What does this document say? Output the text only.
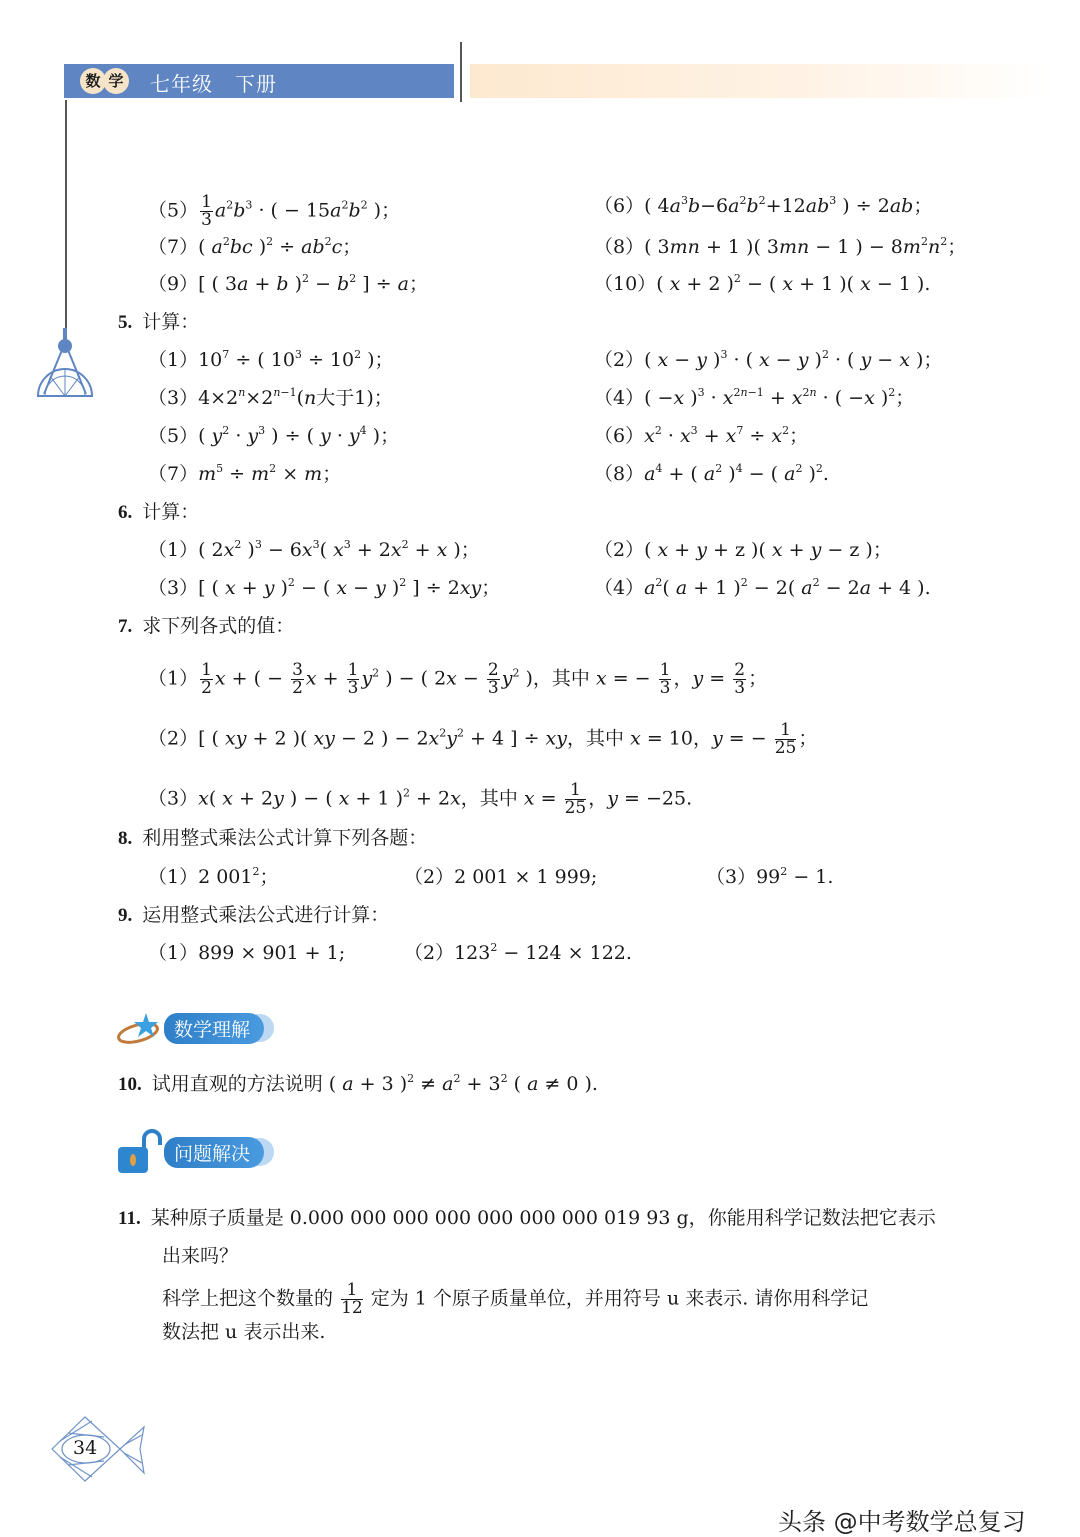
数 学 七年级 下册
$(5) \frac{1}{3} a^2b^3$ · ( − $15a^2b^2$ )；	（6）( $4a^3b-6a^2b^2+12ab^3$ ) ÷ 2ab；
（7）( $a^2bc$ )$^2 \div ab^2c$；	（8）( 3mn + 1 )( 3mn − 1 ) − $8m^2n^2$；
（9）[ ( 3a + b )$^2 - b^2$ ] ÷ a；	（10）( x + 2 )$^2$ − ( x + 1 )( x − 1 ).
5. 计算：
$(1)10^7$ ÷ ( $10^3 \div 10^2$ )；	（2）( x − y )$^3$ · ( x − y )$^2$ · ( y − x )；
$(3)4\times 2^n\times 2^{n-1}(n$大于1)；	（4）( −x )$^3 \cdot x^{2n-1} + x^{2n}$ · ( −x )$^2$；
（5）( $y^2 \cdot y^3$ ) ÷ ( $y \cdot y^4$ )；	$(6)x^2 \cdot x^3 + x^7 \div x^2$；
$(7)m^5 \div m^2 \times m$；	$(8)a^4$ + ( $a^2$ )$^4$ − ( $a^2$ )$^2$.
6. 计算：
（1）( $2x^2$ )$^3 - 6x^3$( $x^3 + 2x^2 + x$ )；	（2）( x + y + z )( x + y − z )；
（3）[ ( x + y )$^2$ − ( x − y )$^2$ ] ÷ 2xy；	$(4)a^2$( a + 1 )$^2$ − 2( $a^2 - 2a + 4$ ).
7. 求下列各式的值：
$(1) \frac{1}{2}$ x + ( − $\frac{3}{2}$ $x + \frac{1}{3} y^2$ ) − ( $2x - \frac{2}{3} y^2$ )，其中 x = − $\frac{1}{3}$ ，$y = \frac{2}{3}$ ；
（2）[ ( xy + 2 )( xy − 2 ) − $2x^2y^2 + 4$ ] ÷ xy，其中 x = 10，y = − $\frac{1}{25}$ ；
（3）x( x + 2y ) − ( x + 1 )$^2$ + 2x，其中 $x = \frac{1}{25}$ ，y = −25.
8. 利用整式乘法公式计算下列各题：
（1）2 $001^2$；	（2）2 001 × 1 999;	$(3)99^2 - 1$.
9. 运用整式乘法公式进行计算：
（1）899 × 901 + 1;	$(2)123^2 - 124 \times 122$.
数学理解
10. 试用直观的方法说明 ( a + 3 )$^2 \ne a^2 + 3^2$ ( a ≠ 0 ).
问题解决
11. 某种原子质量是 0.000 000 000 000 000 000 000 019 93 g，你能用科学记数法把它表示
出来吗？
科学上把这个数量的 $\frac{1}{12}$ 定为 1 个原子质量单位，并用符号 u 来表示. 请你用科学记
数法把 u 表示出来.
34
头条 @中考数学总复习
